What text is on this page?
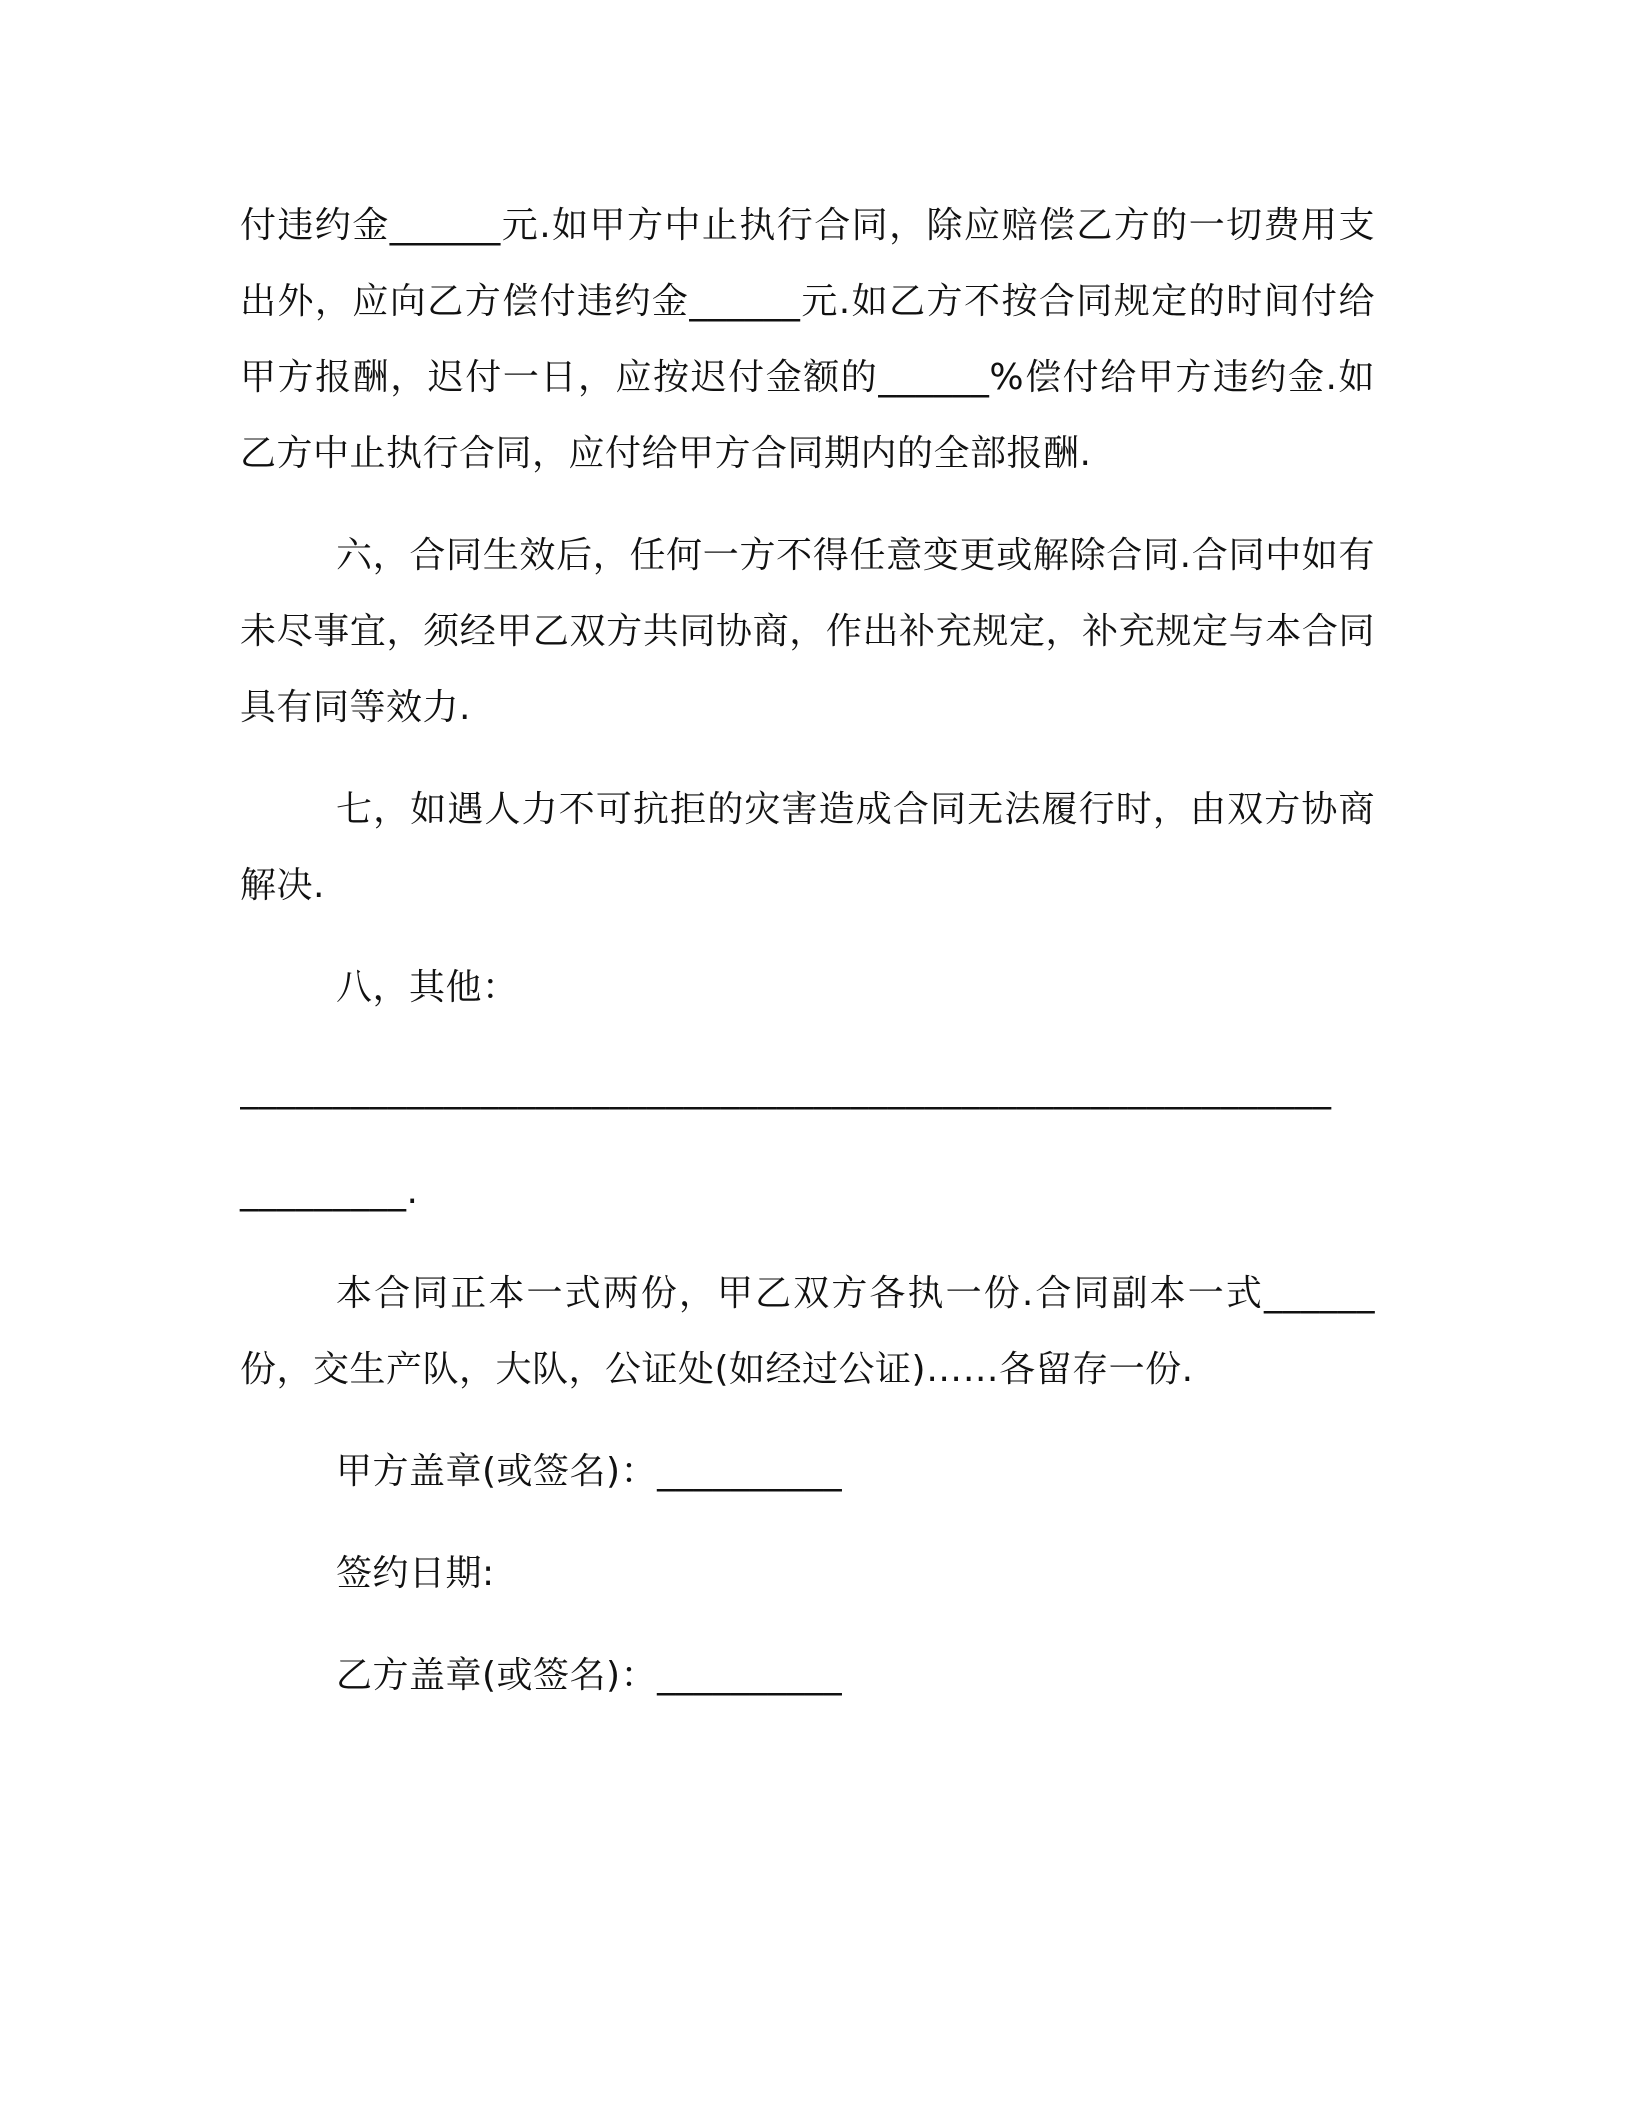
付违约金______元.如甲方中止执行合同，除应赔偿乙方的一切费用支出外，应向乙方偿付违约金______元.如乙方不按合同规定的时间付给甲方报酬，迟付一日，应按迟付金额的______%偿付给甲方违约金.如乙方中止执行合同，应付给甲方合同期内的全部报酬.

六，合同生效后，任何一方不得任意变更或解除合同.合同中如有未尽事宜，须经甲乙双方共同协商，作出补充规定，补充规定与本合同具有同等效力.

七，如遇人力不可抗拒的灾害造成合同无法履行时，由双方协商解决.

八，其他：

___________________________________________________________

_________.

本合同正本一式两份，甲乙双方各执一份.合同副本一式______份，交生产队，大队，公证处(如经过公证)……各留存一份.

甲方盖章(或签名)：__________

签约日期:

乙方盖章(或签名)：__________
